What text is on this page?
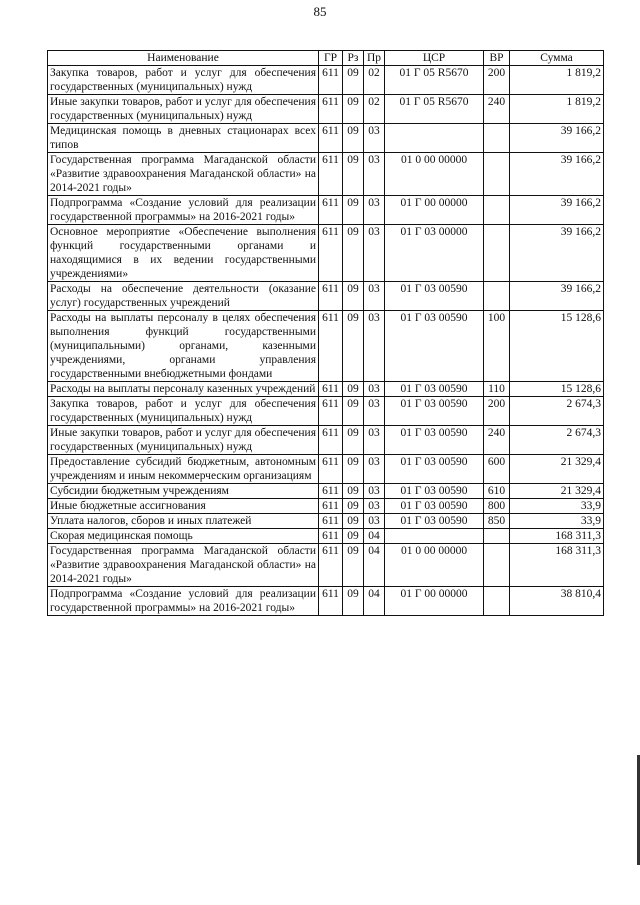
85
Наименование	ГР	Рз	Пр	ЦСР	ВР	Сумма
Закупка товаров, работ и услуг для обеспечения государственных (муниципальных) нужд	611	09	02	01 Г 05 R5670	200	1 819,2
Иные закупки товаров, работ и услуг для обеспечения государственных (муниципальных) нужд	611	09	02	01 Г 05 R5670	240	1 819,2
Медицинская помощь в дневных стационарах всех типов	611	09	03			39 166,2
Государственная программа Магаданской области «Развитие здравоохранения Магаданской области» на 2014-2021 годы»	611	09	03	01 0 00 00000		39 166,2
Подпрограмма «Создание условий для реализации государственной программы» на 2016-2021 годы»	611	09	03	01 Г 00 00000		39 166,2
Основное мероприятие «Обеспечение выполнения функций государственными органами и находящимися в их ведении государственными учреждениями»	611	09	03	01 Г 03 00000		39 166,2
Расходы на обеспечение деятельности (оказание услуг) государственных учреждений	611	09	03	01 Г 03 00590		39 166,2
Расходы на выплаты персоналу в целях обеспечения выполнения функций государственными (муниципальными) органами, казенными учреждениями, органами управления государственными внебюджетными фондами	611	09	03	01 Г 03 00590	100	15 128,6
Расходы на выплаты персоналу казенных учреждений	611	09	03	01 Г 03 00590	110	15 128,6
Закупка товаров, работ и услуг для обеспечения государственных (муниципальных) нужд	611	09	03	01 Г 03 00590	200	2 674,3
Иные закупки товаров, работ и услуг для обеспечения государственных (муниципальных) нужд	611	09	03	01 Г 03 00590	240	2 674,3
Предоставление субсидий бюджетным, автономным учреждениям и иным некоммерческим организациям	611	09	03	01 Г 03 00590	600	21 329,4
Субсидии бюджетным учреждениям	611	09	03	01 Г 03 00590	610	21 329,4
Иные бюджетные ассигнования	611	09	03	01 Г 03 00590	800	33,9
Уплата налогов, сборов и иных платежей	611	09	03	01 Г 03 00590	850	33,9
Скорая медицинская помощь	611	09	04			168 311,3
Государственная программа Магаданской области «Развитие здравоохранения Магаданской области» на 2014-2021 годы»	611	09	04	01 0 00 00000		168 311,3
Подпрограмма «Создание условий для реализации государственной программы» на 2016-2021 годы»	611	09	04	01 Г 00 00000		38 810,4
